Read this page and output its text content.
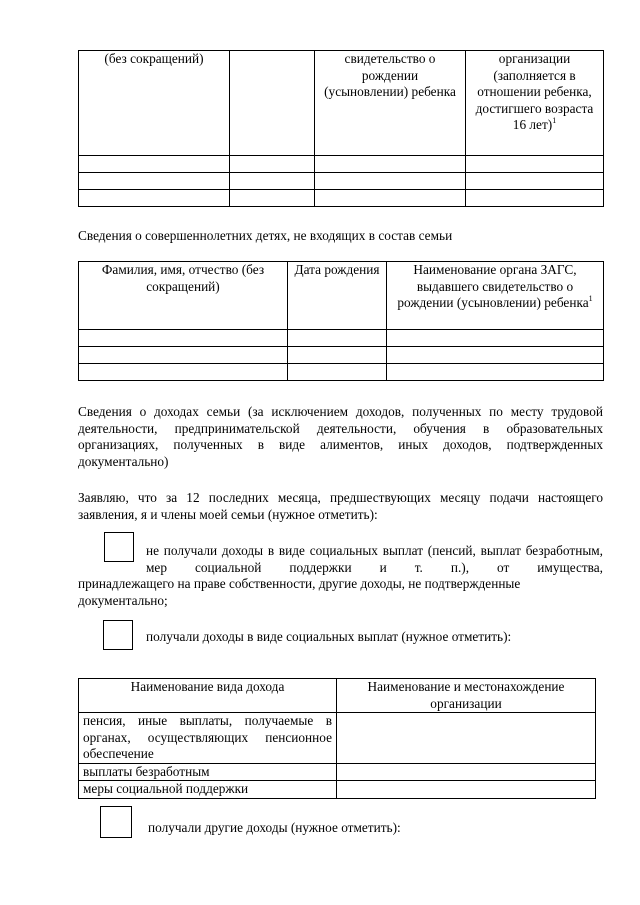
(без сокращений)		свидетельство о рождении (усыновлении) ребенка	организации (заполняется в отношении ребенка, достигшего возраста 16 лет)$^1$

Сведения о совершеннолетних детях, не входящих в состав семьи
Фамилия, имя, отчество (без сокращений)	Дата рождения	Наименование органа ЗАГС, выдавшего свидетельство о рождении (усыновлении) ребенка$^1$

Сведения о доходах семьи (за исключением доходов, полученных по месту трудовой деятельности, предпринимательской деятельности, обучения в образовательных организациях, полученных в виде алиментов, иных доходов, подтвержденных документально)
Заявляю, что за 12 последних месяца, предшествующих месяцу подачи настоящего заявления, я и члены моей семьи (нужное отметить):
не получали доходы в виде социальных выплат (пенсий, выплат безработным, мер социальной поддержки и т. п.), от имущества,
принадлежащего на праве собственности, другие доходы, не подтвержденные документально;
получали доходы в виде социальных выплат (нужное отметить):
Наименование вида дохода	Наименование и местонахождение организации
пенсия, иные выплаты, получаемые в органах, осуществляющих пенсионное обеспечение	
выплаты безработным	
меры социальной поддержки	
получали другие доходы (нужное отметить):
